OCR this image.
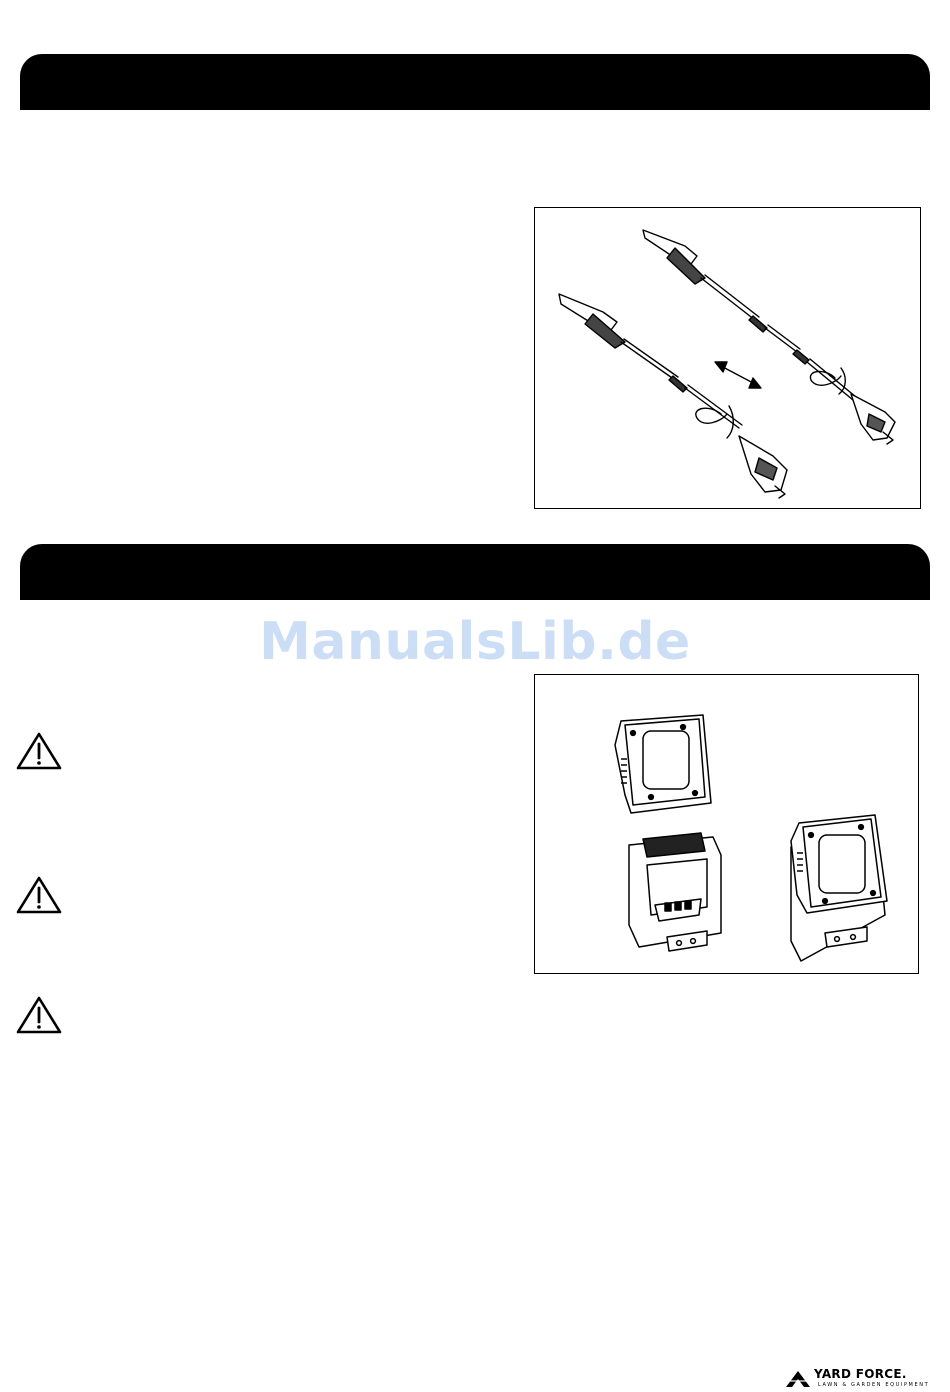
ManualsLib.de
YARD FORCE.
LAWN & GARDEN EQUIPMENT
